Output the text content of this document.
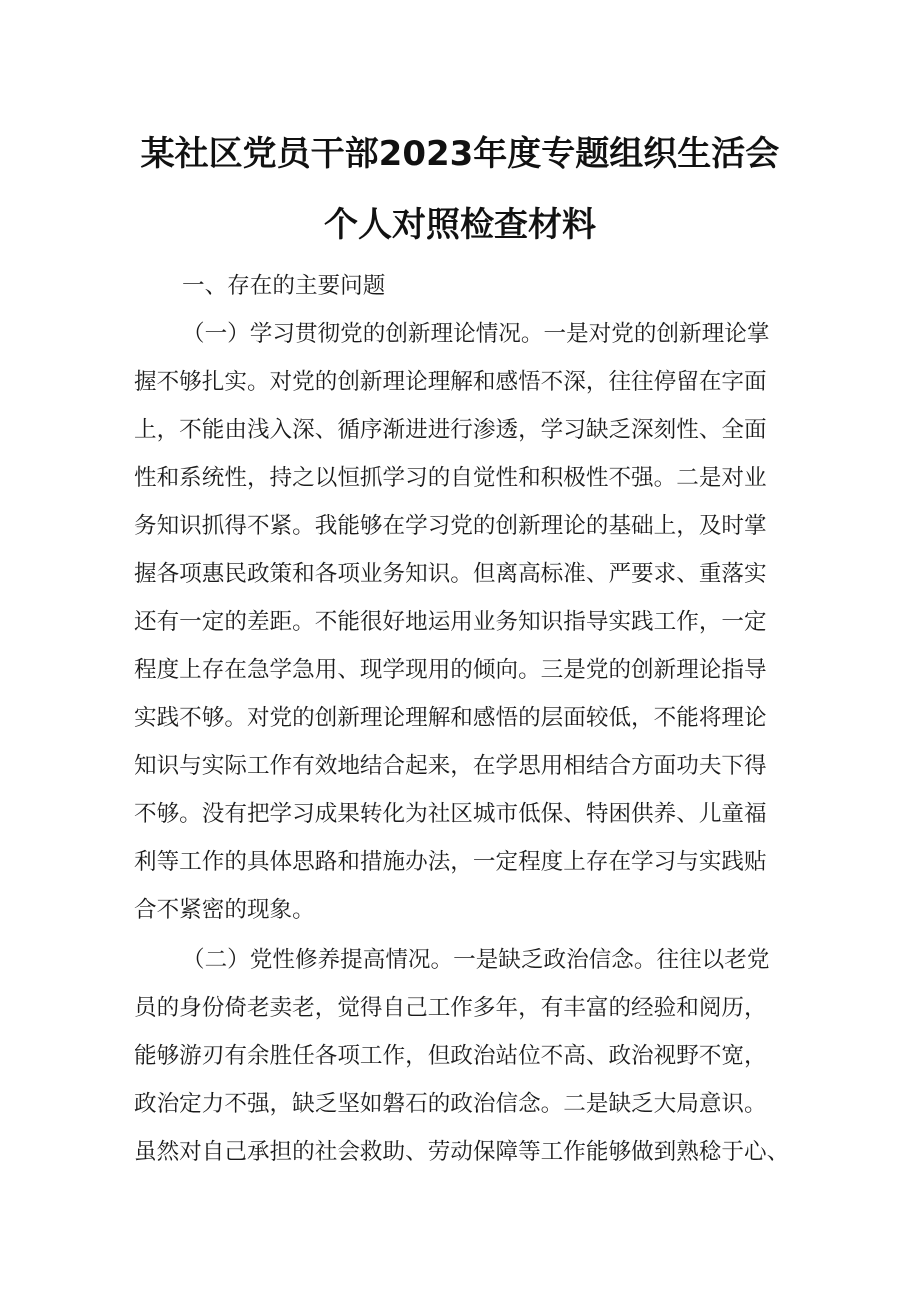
某社区党员干部2023年度专题组织生活会
个人对照检查材料
一、存在的主要问题
（一）学习贯彻党的创新理论情况。一是对党的创新理论掌
握不够扎实。对党的创新理论理解和感悟不深，往往停留在字面
上，不能由浅入深、循序渐进进行渗透，学习缺乏深刻性、全面
性和系统性，持之以恒抓学习的自觉性和积极性不强。二是对业
务知识抓得不紧。我能够在学习党的创新理论的基础上，及时掌
握各项惠民政策和各项业务知识。但离高标准、严要求、重落实
还有一定的差距。不能很好地运用业务知识指导实践工作，一定
程度上存在急学急用、现学现用的倾向。三是党的创新理论指导
实践不够。对党的创新理论理解和感悟的层面较低，不能将理论
知识与实际工作有效地结合起来，在学思用相结合方面功夫下得
不够。没有把学习成果转化为社区城市低保、特困供养、儿童福
利等工作的具体思路和措施办法，一定程度上存在学习与实践贴
合不紧密的现象。
（二）党性修养提高情况。一是缺乏政治信念。往往以老党
员的身份倚老卖老，觉得自己工作多年，有丰富的经验和阅历，
能够游刃有余胜任各项工作，但政治站位不高、政治视野不宽，
政治定力不强，缺乏坚如磐石的政治信念。二是缺乏大局意识。
虽然对自己承担的社会救助、劳动保障等工作能够做到熟稔于心、
